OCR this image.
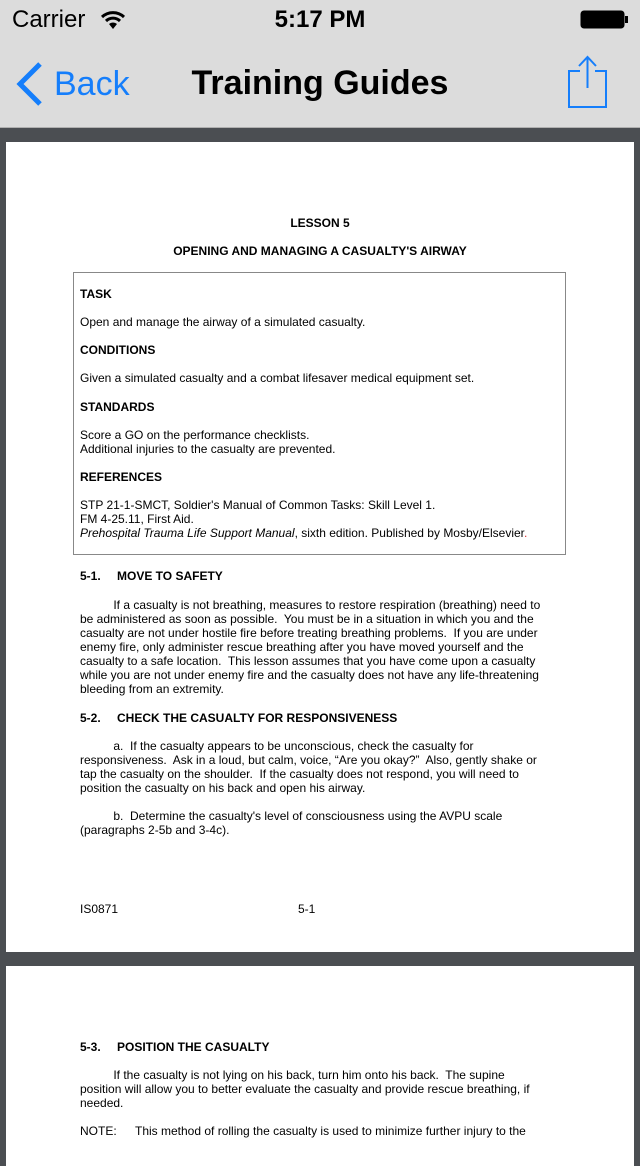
Carrier	5:17 PM
Back	Training Guides
LESSON 5
OPENING AND MANAGING A CASUALTY'S AIRWAY
TASK
Open and manage the airway of a simulated casualty.
CONDITIONS
Given a simulated casualty and a combat lifesaver medical equipment set.
STANDARDS
Score a GO on the performance checklists.
Additional injuries to the casualty are prevented.
REFERENCES
STP 21-1-SMCT, Soldier's Manual of Common Tasks: Skill Level 1.
FM 4-25.11, First Aid.
Prehospital Trauma Life Support Manual, sixth edition. Published by Mosby/Elsevier.
5-1. MOVE TO SAFETY
If a casualty is not breathing, measures to restore respiration (breathing) need to
be administered as soon as possible.  You must be in a situation in which you and the
casualty are not under hostile fire before treating breathing problems.  If you are under
enemy fire, only administer rescue breathing after you have moved yourself and the
casualty to a safe location.  This lesson assumes that you have come upon a casualty
while you are not under enemy fire and the casualty does not have any life-threatening
bleeding from an extremity.
5-2. CHECK THE CASUALTY FOR RESPONSIVENESS
a.  If the casualty appears to be unconscious, check the casualty for
responsiveness.  Ask in a loud, but calm, voice, “Are you okay?”  Also, gently shake or
tap the casualty on the shoulder.  If the casualty does not respond, you will need to
position the casualty on his back and open his airway.
b.  Determine the casualty's level of consciousness using the AVPU scale
(paragraphs 2-5b and 3-4c).
IS0871	5-1
5-3. POSITION THE CASUALTY
If the casualty is not lying on his back, turn him onto his back.  The supine
position will allow you to better evaluate the casualty and provide rescue breathing, if
needed.
NOTE: This method of rolling the casualty is used to minimize further injury to the
